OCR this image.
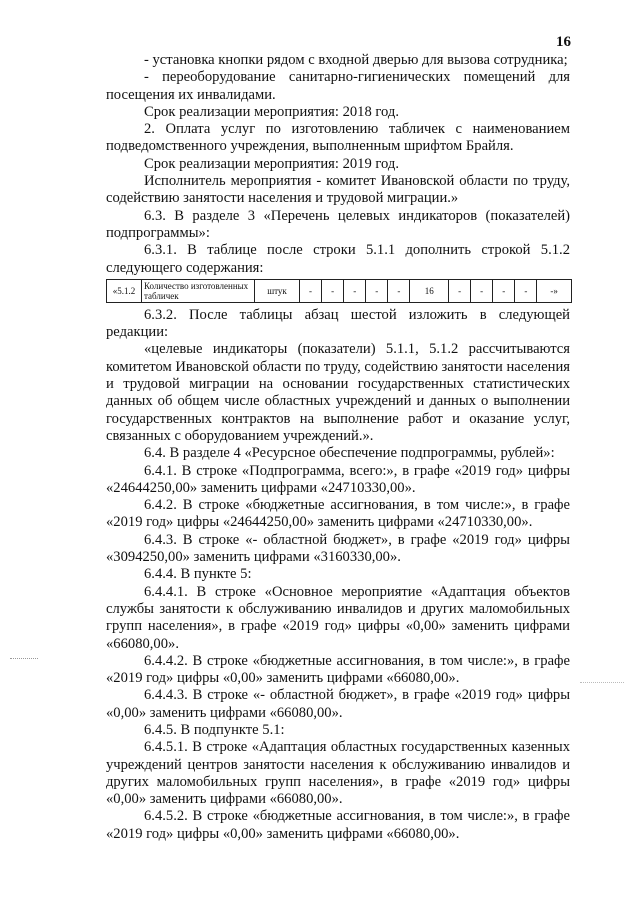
16

- установка кнопки рядом с входной дверью для вызова сотрудника;

- переоборудование санитарно-гигиенических помещений для посещения их инвалидами.

Срок реализации мероприятия: 2018 год.

2. Оплата услуг по изготовлению табличек с наименованием подведомственного учреждения, выполненным шрифтом Брайля.

Срок реализации мероприятия: 2019 год.

Исполнитель мероприятия - комитет Ивановской области по труду, содействию занятости населения и трудовой миграции.»

6.3. В разделе 3 «Перечень целевых индикаторов (показателей) подпрограммы»:

6.3.1. В таблице после строки 5.1.1 дополнить строкой 5.1.2 следующего содержания:

«5.1.2	Количество изготовленных табличек	штук	-	-	-	-	-	16	-	-	-	-	-»

6.3.2. После таблицы абзац шестой изложить в следующей редакции:

«целевые индикаторы (показатели) 5.1.1, 5.1.2 рассчитываются комитетом Ивановской области по труду, содействию занятости населения и трудовой миграции на основании государственных статистических данных об общем числе областных учреждений и данных о выполнении государственных контрактов на выполнение работ и оказание услуг, связанных с оборудованием учреждений.».

6.4. В разделе 4 «Ресурсное обеспечение подпрограммы, рублей»:

6.4.1. В строке «Подпрограмма, всего:», в графе «2019 год» цифры «24644250,00» заменить цифрами «24710330,00».

6.4.2. В строке «бюджетные ассигнования, в том числе:», в графе «2019 год» цифры «24644250,00» заменить цифрами «24710330,00».

6.4.3. В строке «- областной бюджет», в графе «2019 год» цифры «3094250,00» заменить цифрами «3160330,00».

6.4.4. В пункте 5:

6.4.4.1. В строке «Основное мероприятие «Адаптация объектов службы занятости к обслуживанию инвалидов и других маломобильных групп населения», в графе «2019 год» цифры «0,00» заменить цифрами «66080,00».

6.4.4.2. В строке «бюджетные ассигнования, в том числе:», в графе «2019 год» цифры «0,00» заменить цифрами «66080,00».

6.4.4.3. В строке «- областной бюджет», в графе «2019 год» цифры «0,00» заменить цифрами «66080,00».

6.4.5. В подпункте 5.1:

6.4.5.1. В строке «Адаптация областных государственных казенных учреждений центров занятости населения к обслуживанию инвалидов и других маломобильных групп населения», в графе «2019 год» цифры «0,00» заменить цифрами «66080,00».

6.4.5.2. В строке «бюджетные ассигнования, в том числе:», в графе «2019 год» цифры «0,00» заменить цифрами «66080,00».
